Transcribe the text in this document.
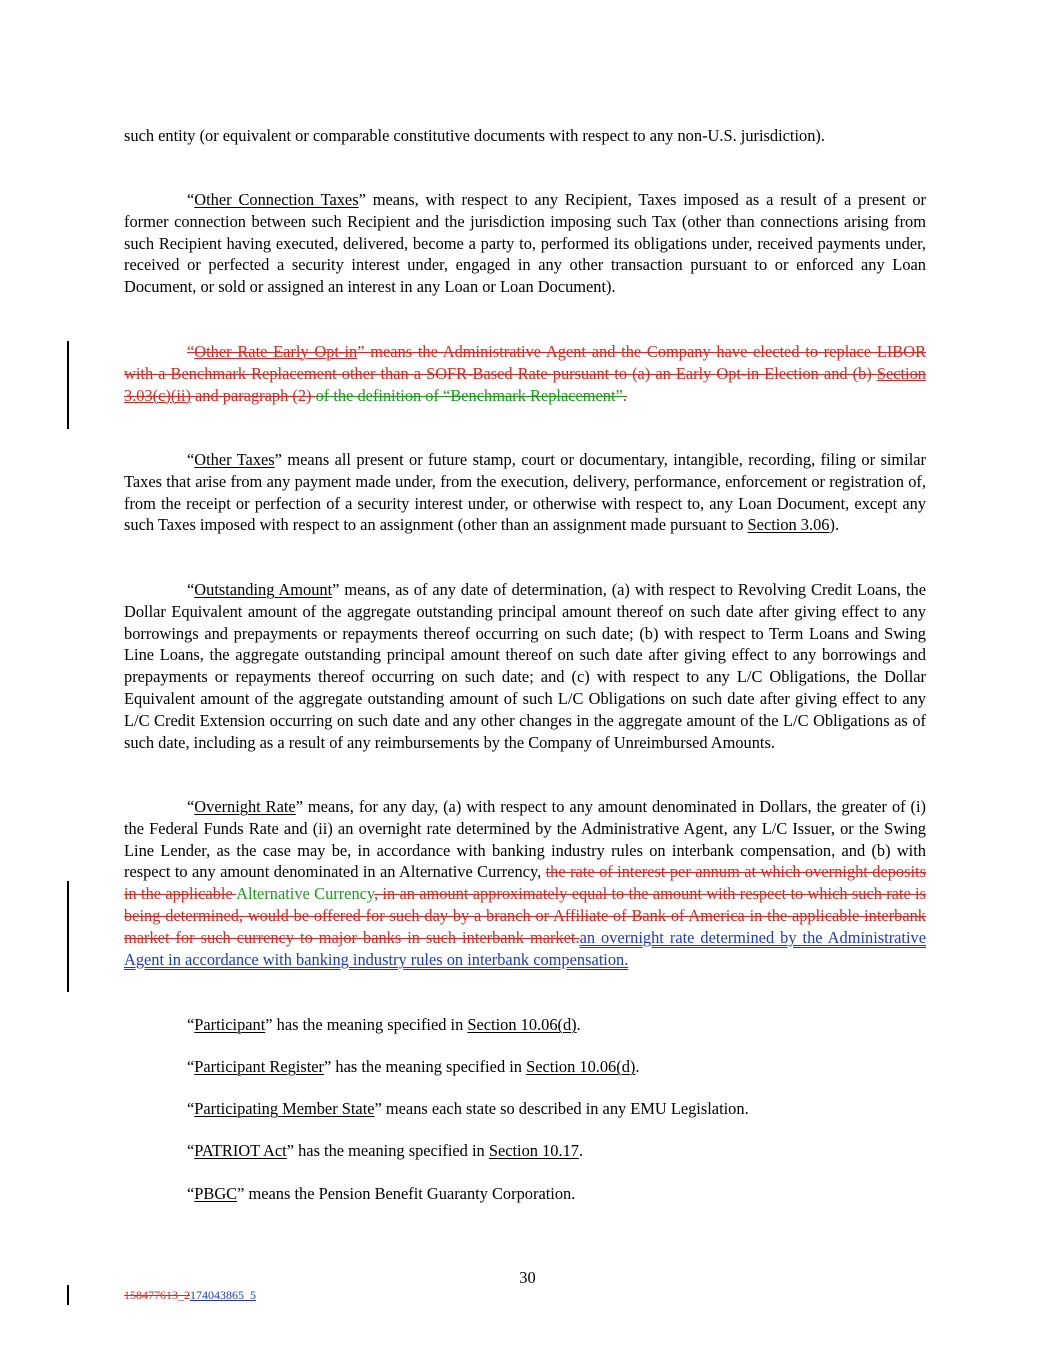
such entity (or equivalent or comparable constitutive documents with respect to any non-U.S. jurisdiction).

“Other Connection Taxes” means, with respect to any Recipient, Taxes imposed as a result of a present or former connection between such Recipient and the jurisdiction imposing such Tax (other than connections arising from such Recipient having executed, delivered, become a party to, performed its obligations under, received payments under, received or perfected a security interest under, engaged in any other transaction pursuant to or enforced any Loan Document, or sold or assigned an interest in any Loan or Loan Document).

“Other Rate Early Opt-in” means the Administrative Agent and the Company have elected to replace LIBOR with a Benchmark Replacement other than a SOFR-Based Rate pursuant to (a) an Early Opt-in Election and (b) Section 3.03(c)(ii) and paragraph (2) of the definition of “Benchmark Replacement”.

“Other Taxes” means all present or future stamp, court or documentary, intangible, recording, filing or similar Taxes that arise from any payment made under, from the execution, delivery, performance, enforcement or registration of, from the receipt or perfection of a security interest under, or otherwise with respect to, any Loan Document, except any such Taxes imposed with respect to an assignment (other than an assignment made pursuant to Section 3.06).

“Outstanding Amount” means, as of any date of determination, (a) with respect to Revolving Credit Loans, the Dollar Equivalent amount of the aggregate outstanding principal amount thereof on such date after giving effect to any borrowings and prepayments or repayments thereof occurring on such date; (b) with respect to Term Loans and Swing Line Loans, the aggregate outstanding principal amount thereof on such date after giving effect to any borrowings and prepayments or repayments thereof occurring on such date; and (c) with respect to any L/C Obligations, the Dollar Equivalent amount of the aggregate outstanding amount of such L/C Obligations on such date after giving effect to any L/C Credit Extension occurring on such date and any other changes in the aggregate amount of the L/C Obligations as of such date, including as a result of any reimbursements by the Company of Unreimbursed Amounts.

“Overnight Rate” means, for any day, (a) with respect to any amount denominated in Dollars, the greater of (i) the Federal Funds Rate and (ii) an overnight rate determined by the Administrative Agent, any L/C Issuer, or the Swing Line Lender, as the case may be, in accordance with banking industry rules on interbank compensation, and (b) with respect to any amount denominated in an Alternative Currency, the rate of interest per annum at which overnight deposits in the applicable Alternative Currency, in an amount approximately equal to the amount with respect to which such rate is being determined, would be offered for such day by a branch or Affiliate of Bank of America in the applicable interbank market for such currency to major banks in such interbank market.an overnight rate determined by the Administrative Agent in accordance with banking industry rules on interbank compensation.

“Participant” has the meaning specified in Section 10.06(d).

“Participant Register” has the meaning specified in Section 10.06(d).

“Participating Member State” means each state so described in any EMU Legislation.

“PATRIOT Act” has the meaning specified in Section 10.17.

“PBGC” means the Pension Benefit Guaranty Corporation.

30
158477613_2174043865_5
